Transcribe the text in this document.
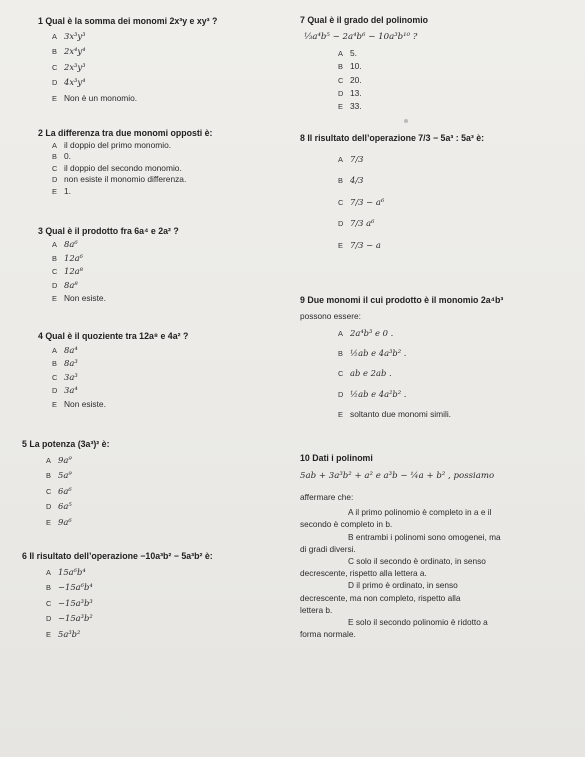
1 Qual è la somma dei monomi 2x³y e xy³ ?
A 3x³y³
B 2x⁴y⁴
C 2x³y³
D 4x³y⁴
E Non è un monomio.
2 La differenza tra due monomi opposti è:
A il doppio del primo monomio.
B 0.
C il doppio del secondo monomio.
D non esiste il monomio differenza.
E 1.
3 Qual è il prodotto fra 6a⁴ e 2a² ?
A 8a⁶
B 12a⁶
C 12a⁸
D 8a⁸
E Non esiste.
4 Qual è il quoziente tra 12a⁸ e 4a² ?
A 8a⁴
B 8a³
C 3a³
D 3a⁴
E Non esiste.
5 La potenza (3a³)² è:
A 9a⁹
B 5a⁹
C 6a⁶
D 6a⁵
E 9a⁶
6 Il risultato dell’operazione −10a³b² − 5a³b² è:
A 15a⁶b⁴
B −15a⁶b⁴
C −15a³b³
D −15a³b²
E 5a³b²
7 Qual è il grado del polinomio
⅓a⁴b⁵ − 2a⁴b⁶ − 10a³b¹⁰ ?
A 5.
B 10.
C 20.
D 13.
E 33.
8 Il risultato dell’operazione 7/3 − 5a³ : 5a³ è:
A 7/3
B 4/3
C 7/3 − a⁶
D 7/3 a⁶
E 7/3 − a
9 Due monomi il cui prodotto è il monomio 2a⁴b³
possono essere:
A 2a⁴b³ e 0 .
B ½ab e 4a³b² .
C ab e 2ab .
D ½ab e 4a²b² .
E soltanto due monomi simili.
10 Dati i polinomi
5ab + 3a³b² + a² e a³b − ¼a + b² , possiamo
affermare che:
A il primo polinomio è completo in a e il
secondo è completo in b.
B entrambi i polinomi sono omogenei, ma
di gradi diversi.
C solo il secondo è ordinato, in senso
decrescente, rispetto alla lettera a.
D il primo è ordinato, in senso
decrescente, ma non completo, rispetto alla
lettera b.
E solo il secondo polinomio è ridotto a
forma normale.
